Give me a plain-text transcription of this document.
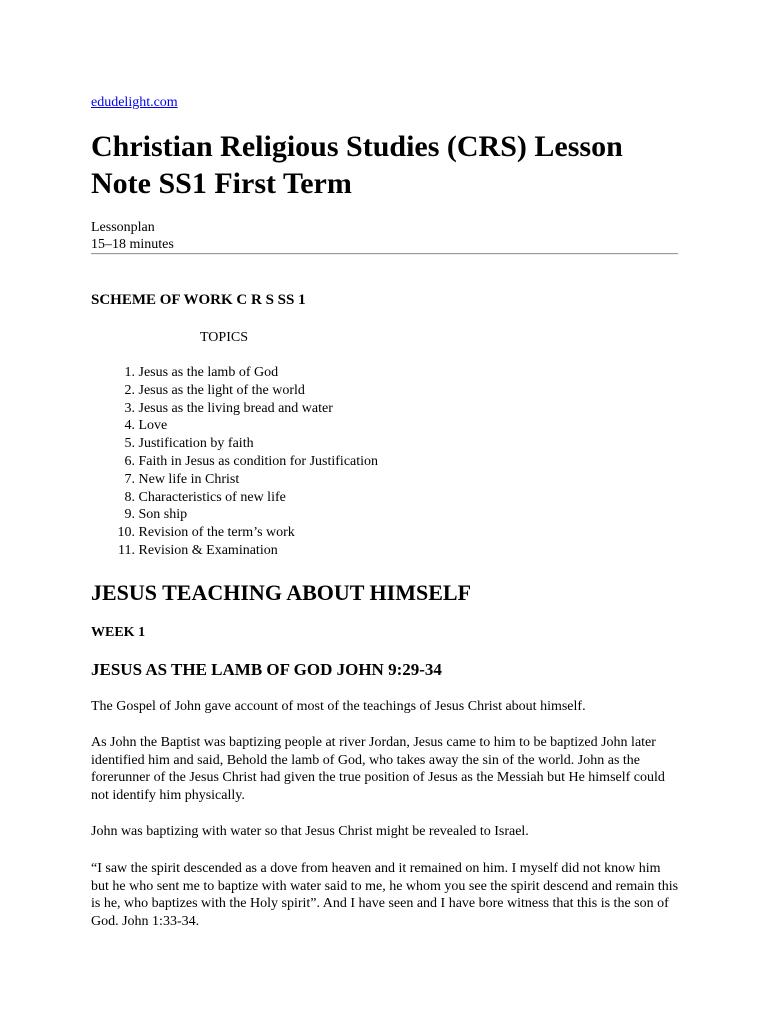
edudelight.com
Christian Religious Studies (CRS) Lesson Note SS1 First Term
Lessonplan
15–18 minutes
SCHEME OF WORK C R S SS 1
TOPICS
1. Jesus as the lamb of God
2. Jesus as the light of the world
3. Jesus as the living bread and water
4. Love
5. Justification by faith
6. Faith in Jesus as condition for Justification
7. New life in Christ
8. Characteristics of new life
9. Son ship
10. Revision of the term’s work
11. Revision & Examination
JESUS TEACHING ABOUT HIMSELF
WEEK 1
JESUS AS THE LAMB OF GOD JOHN 9:29-34

The Gospel of John gave account of most of the teachings of Jesus Christ about himself.

As John the Baptist was baptizing people at river Jordan, Jesus came to him to be baptized John later identified him and said, Behold the lamb of God, who takes away the sin of the world. John as the forerunner of the Jesus Christ had given the true position of Jesus as the Messiah but He himself could not identify him physically.

John was baptizing with water so that Jesus Christ might be revealed to Israel.

“I saw the spirit descended as a dove from heaven and it remained on him. I myself did not know him but he who sent me to baptize with water said to me, he whom you see the spirit descend and remain this is he, who baptizes with the Holy spirit”. And I have seen and I have bore witness that this is the son of God. John 1:33-34.
